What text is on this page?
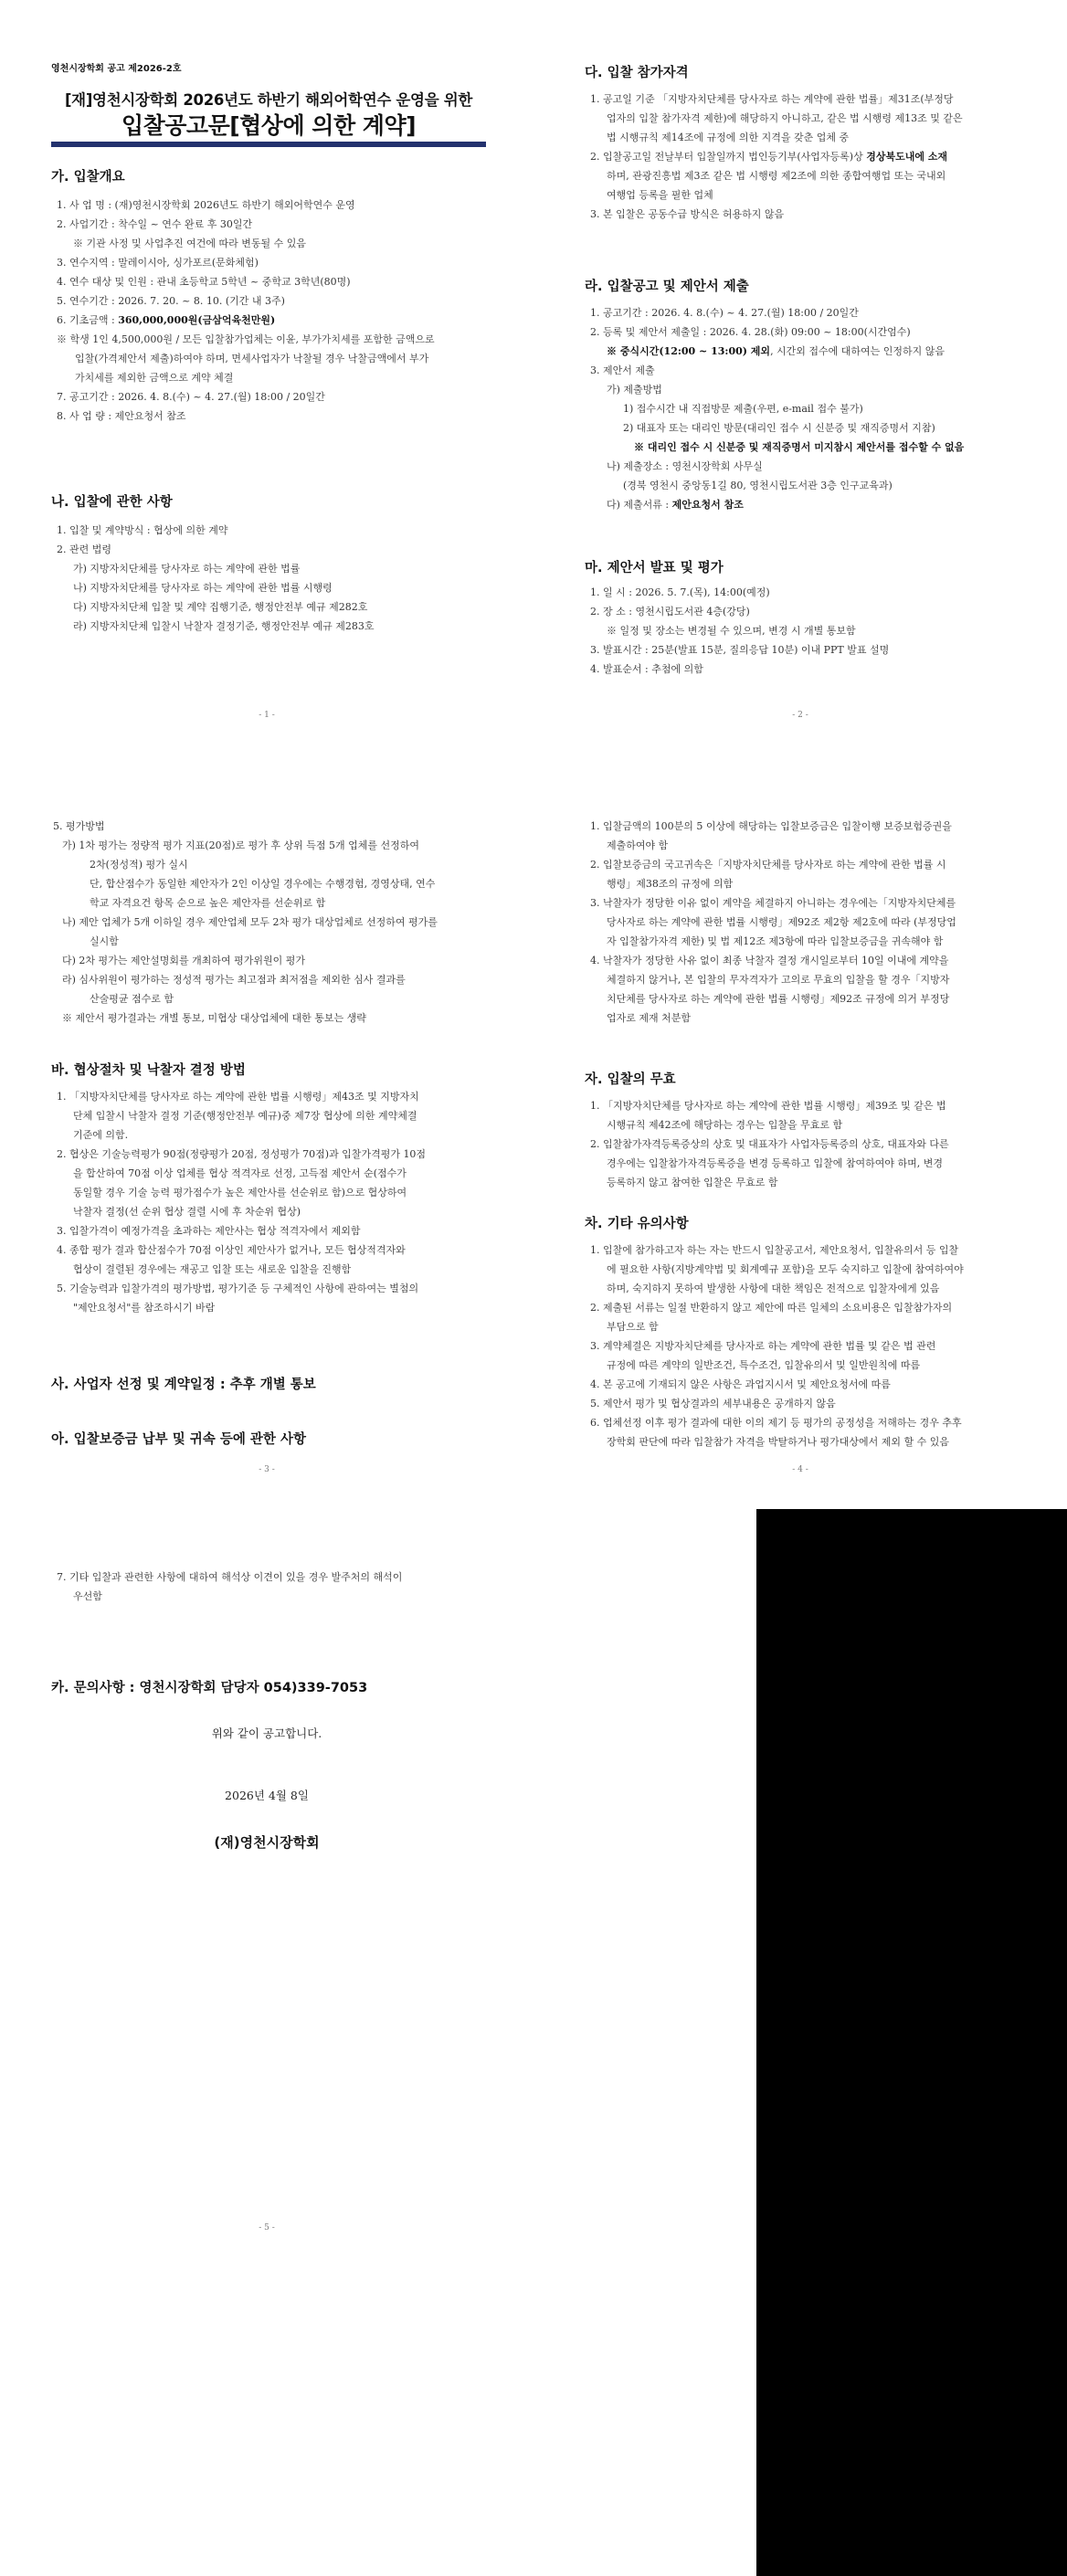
영천시장학회 공고 제2026-2호
[재]영천시장학회 2026년도 하반기 해외어학연수 운영을 위한
입찰공고문[협상에 의한 계약]
가. 입찰개요
1. 사 업 명 : (재)영천시장학회 2026년도 하반기 해외어학연수 운영
2. 사업기간 : 착수일 ~ 연수 완료 후 30일간
※ 기관 사정 및 사업추진 여건에 따라 변동될 수 있음
3. 연수지역 : 말레이시아, 싱가포르(문화체험)
4. 연수 대상 및 인원 : 관내 초등학교 5학년 ~ 중학교 3학년(80명)
5. 연수기간 : 2026. 7. 20. ~ 8. 10. (기간 내 3주)
6. 기초금액 : 360,000,000원(금삼억육천만원)
※ 학생 1인 4,500,000원 / 모든 입찰참가업체는 이윤, 부가가치세를 포함한 금액으로
입찰(가격제안서 제출)하여야 하며, 면세사업자가 낙찰될 경우 낙찰금액에서 부가
가치세를 제외한 금액으로 계약 체결
7. 공고기간 : 2026. 4. 8.(수) ~ 4. 27.(월) 18:00 / 20일간
8. 사 업 량 : 제안요청서 참조
나. 입찰에 관한 사항
1. 입찰 및 계약방식 : 협상에 의한 계약
2. 관련 법령
가) 지방자치단체를 당사자로 하는 계약에 관한 법률
나) 지방자치단체를 당사자로 하는 계약에 관한 법률 시행령
다) 지방자치단체 입찰 및 계약 집행기준, 행정안전부 예규 제282호
라) 지방자치단체 입찰시 낙찰자 결정기준, 행정안전부 예규 제283호
- 1 -
다. 입찰 참가자격
1. 공고일 기준 「지방자치단체를 당사자로 하는 계약에 관한 법률」제31조(부정당
업자의 입찰 참가자격 제한)에 해당하지 아니하고, 같은 법 시행령 제13조 및 같은
법 시행규칙 제14조에 규정에 의한 지격을 갖춘 업체 중
2. 입찰공고일 전날부터 입찰일까지 법인등기부(사업자등록)상 경상북도내에 소재
하며, 관광진흥법 제3조 같은 법 시행령 제2조에 의한 종합여행업 또는 국내외
여행업 등록을 필한 업체
3. 본 입찰은 공동수급 방식은 허용하지 않음
라. 입찰공고 및 제안서 제출
1. 공고기간 : 2026. 4. 8.(수) ~ 4. 27.(월) 18:00 / 20일간
2. 등록 및 제안서 제출일 : 2026. 4. 28.(화) 09:00 ~ 18:00(시간엄수)
※ 중식시간(12:00 ~ 13:00) 제외, 시간외 접수에 대하여는 인정하지 않음
3. 제안서 제출
가) 제출방법
1) 접수시간 내 직접방문 제출(우편, e-mail 접수 불가)
2) 대표자 또는 대리인 방문(대리인 접수 시 신분증 및 재직증명서 지참)
※ 대리인 접수 시 신분증 및 재직증명서 미지참시 제안서를 접수할 수 없음
나) 제출장소 : 영천시장학회 사무실
(경북 영천시 중앙동1길 80, 영천시립도서관 3층 인구교육과)
다) 제출서류 : 제안요청서 참조
마. 제안서 발표 및 평가
1. 일 시 : 2026. 5. 7.(목), 14:00(예정)
2. 장 소 : 영천시립도서관 4층(강당)
※ 일정 및 장소는 변경될 수 있으며, 변경 시 개별 통보함
3. 발표시간 : 25분(발표 15분, 질의응답 10분) 이내 PPT 발표 설명
4. 발표순서 : 추첨에 의함
- 2 -
5. 평가방법
가) 1차 평가는 정량적 평가 지표(20점)로 평가 후 상위 득점 5개 업체를 선정하여
2차(정성적) 평가 실시
단, 합산점수가 동일한 제안자가 2인 이상일 경우에는 수행경험, 경영상태, 연수
학교 자격요건 항목 순으로 높은 제안자를 선순위로 함
나) 제안 업체가 5개 이하일 경우 제안업체 모두 2차 평가 대상업체로 선정하여 평가를
실시함
다) 2차 평가는 제안설명회를 개최하여 평가위원이 평가
라) 심사위원이 평가하는 정성적 평가는 최고점과 최저점을 제외한 심사 결과를
산술평균 점수로 함
※ 제안서 평가결과는 개별 통보, 미협상 대상업체에 대한 통보는 생략
바. 협상절차 및 낙찰자 결정 방법
1. 「지방자치단체를 당사자로 하는 계약에 관한 법률 시행령」제43조 및 지방자치
단체 입찰시 낙찰자 결정 기준(행정안전부 예규)중 제7장 협상에 의한 계약체결
기준에 의함.
2. 협상은 기술능력평가 90점(정량평가 20점, 정성평가 70점)과 입찰가격평가 10점
을 합산하여 70점 이상 업체를 협상 적격자로 선정, 고득점 제안서 순(점수가
동일할 경우 기술 능력 평가점수가 높은 제안사를 선순위로 함)으로 협상하여
낙찰자 결정(선 순위 협상 결렬 시에 후 차순위 협상)
3. 입찰가격이 예정가격을 초과하는 제안사는 협상 적격자에서 제외함
4. 종합 평가 결과 합산점수가 70점 이상인 제안사가 없거나, 모든 협상적격자와
협상이 결렬된 경우에는 재공고 입찰 또는 새로운 입찰을 진행함
5. 기술능력과 입찰가격의 평가방법, 평가기준 등 구체적인 사항에 관하여는 별첨의
"제안요청서"를 참조하시기 바람
사. 사업자 선정 및 계약일정 : 추후 개별 통보
아. 입찰보증금 납부 및 귀속 등에 관한 사항
- 3 -
1. 입찰금액의 100분의 5 이상에 해당하는 입찰보증금은 입찰이행 보증보험증권을
제출하여야 함
2. 입찰보증금의 국고귀속은「지방자치단체를 당사자로 하는 계약에 관한 법률 시
행령」제38조의 규정에 의함
3. 낙찰자가 정당한 이유 없이 계약을 체결하지 아니하는 경우에는「지방자치단체를
당사자로 하는 계약에 관한 법률 시행령」제92조 제2항 제2호에 따라 (부정당업
자 입찰참가자격 제한) 및 법 제12조 제3항에 따라 입찰보증금을 귀속해야 함
4. 낙찰자가 정당한 사유 없이 최종 낙찰자 결정 개시일로부터 10일 이내에 계약을
체결하지 않거나, 본 입찰의 무자격자가 고의로 무효의 입찰을 할 경우「지방자
치단체를 당사자로 하는 계약에 관한 법률 시행령」제92조 규정에 의거 부정당
업자로 제재 처분함
자. 입찰의 무효
1. 「지방자치단체를 당사자로 하는 계약에 관한 법률 시행령」제39조 및 같은 법
시행규칙 제42조에 해당하는 경우는 입찰을 무효로 함
2. 입찰참가자격등록증상의 상호 및 대표자가 사업자등록증의 상호, 대표자와 다른
경우에는 입찰참가자격등록증을 변경 등록하고 입찰에 참여하여야 하며, 변경
등록하지 않고 참여한 입찰은 무효로 함
차. 기타 유의사항
1. 입찰에 참가하고자 하는 자는 반드시 입찰공고서, 제안요청서, 입찰유의서 등 입찰
에 필요한 사항(지방계약법 및 회계예규 포함)을 모두 숙지하고 입찰에 참여하여야
하며, 숙지하지 못하여 발생한 사항에 대한 책임은 전적으로 입찰자에게 있음
2. 제출된 서류는 일절 반환하지 않고 제안에 따른 일체의 소요비용은 입찰참가자의
부담으로 함
3. 계약체결은 지방자치단체를 당사자로 하는 계약에 관한 법률 및 같은 법 관련
규정에 따른 계약의 일반조건, 특수조건, 입찰유의서 및 일반원칙에 따름
4. 본 공고에 기재되지 않은 사항은 과업지시서 및 제안요청서에 따름
5. 제안서 평가 및 협상결과의 세부내용은 공개하지 않음
6. 업체선정 이후 평가 결과에 대한 이의 제기 등 평가의 공정성을 저해하는 경우 추후
장학회 판단에 따라 입찰참가 자격을 박탈하거나 평가대상에서 제외 할 수 있음
- 4 -
7. 기타 입찰과 관련한 사항에 대하여 해석상 이견이 있을 경우 발주처의 해석이
우선함
카. 문의사항 : 영천시장학회 담당자 054)339-7053
위와 같이 공고합니다.
2026년 4월 8일
(재)영천시장학회
- 5 -
